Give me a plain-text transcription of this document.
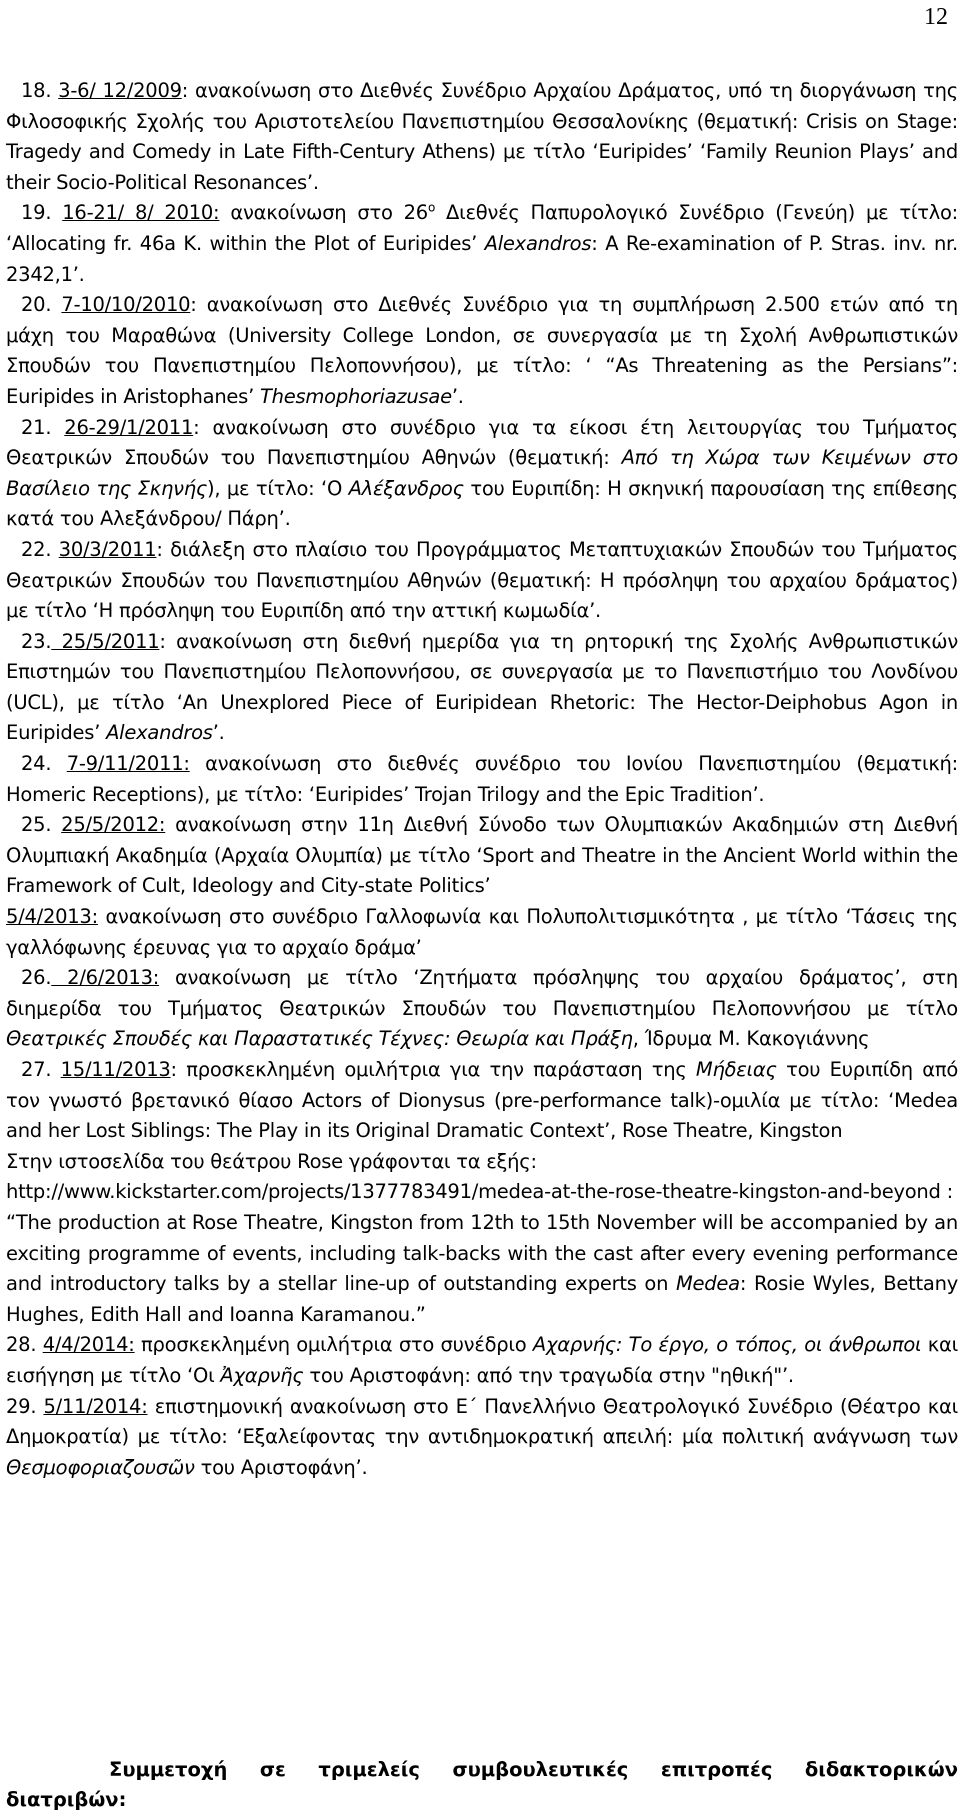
12

18. 3-6/ 12/2009: ανακοίνωση στο Διεθνές Συνέδριο Αρχαίου Δράματος, υπό τη διοργάνωση της Φιλοσοφικής Σχολής του Αριστοτελείου Πανεπιστημίου Θεσσαλονίκης (θεματική: Crisis on Stage: Tragedy and Comedy in Late Fifth-Century Athens) με τίτλο ‘Euripides’ ‘Family Reunion Plays’ and their Socio-Political Resonances’.

19. 16-21/ 8/ 2010: ανακοίνωση στο $26^o$ Διεθνές Παπυρολογικό Συνέδριο (Γενεύη) με τίτλο: ‘Allocating fr. 46a K. within the Plot of Euripides’ Alexandros: A Re-examination of P. Stras. inv. nr. 2342,1’.

20. 7-10/10/2010: ανακοίνωση στο Διεθνές Συνέδριο για τη συμπλήρωση 2.500 ετών από τη μάχη του Μαραθώνα (University College London, σε συνεργασία με τη Σχολή Ανθρωπιστικών Σπουδών του Πανεπιστημίου Πελοποννήσου), με τίτλο: ‘ “As Threatening as the Persians”: Euripides in Aristophanes’ Thesmophoriazusae’.

21. 26-29/1/2011: ανακοίνωση στο συνέδριο για τα είκοσι έτη λειτουργίας του Τμήματος Θεατρικών Σπουδών του Πανεπιστημίου Αθηνών (θεματική: Από τη Χώρα των Κειμένων στο Βασίλειο της Σκηνής), με τίτλο: ‘Ο Αλέξανδρος του Ευριπίδη: Η σκηνική παρουσίαση της επίθεσης κατά του Αλεξάνδρου/ Πάρη’.

22. 30/3/2011: διάλεξη στο πλαίσιο του Προγράμματος Μεταπτυχιακών Σπουδών του Τμήματος Θεατρικών Σπουδών του Πανεπιστημίου Αθηνών (θεματική: Η πρόσληψη του αρχαίου δράματος) με τίτλο ‘Η πρόσληψη του Ευριπίδη από την αττική κωμωδία’.

23. 25/5/2011: ανακοίνωση στη διεθνή ημερίδα για τη ρητορική της Σχολής Ανθρωπιστικών Επιστημών του Πανεπιστημίου Πελοποννήσου, σε συνεργασία με το Πανεπιστήμιο του Λονδίνου (UCL), με τίτλο ‘An Unexplored Piece of Euripidean Rhetoric: The Hector-Deiphobus Agon in Euripides’ Alexandros’.

24. 7-9/11/2011: ανακοίνωση στο διεθνές συνέδριο του Ιονίου Πανεπιστημίου (θεματική: Homeric Receptions), με τίτλο: ‘Euripides’ Trojan Trilogy and the Epic Tradition’.

25. 25/5/2012: ανακοίνωση στην 11η Διεθνή Σύνοδο των Ολυμπιακών Ακαδημιών στη Διεθνή Ολυμπιακή Ακαδημία (Αρχαία Ολυμπία) με τίτλο ‘Sport and Theatre in the Ancient World within the Framework of Cult, Ideology and City-state Politics’

5/4/2013: ανακοίνωση στο συνέδριο Γαλλοφωνία και Πολυπολιτισμικότητα , με τίτλο ‘Τάσεις της γαλλόφωνης έρευνας για το αρχαίο δράμα’

26. 2/6/2013: ανακοίνωση με τίτλο ‘Ζητήματα πρόσληψης του αρχαίου δράματος’, στη διημερίδα του Τμήματος Θεατρικών Σπουδών του Πανεπιστημίου Πελοποννήσου με τίτλο Θεατρικές Σπουδές και Παραστατικές Τέχνες: Θεωρία και Πράξη, Ίδρυμα Μ. Κακογιάννης

27. 15/11/2013: προσκεκλημένη ομιλήτρια για την παράσταση της Μήδειας του Ευριπίδη από τον γνωστό βρετανικό θίασο Actors of Dionysus (pre-performance talk)-ομιλία με τίτλο: ‘Medea and her Lost Siblings: The Play in its Original Dramatic Context’, Rose Theatre, Kingston

Στην ιστοσελίδα του θεάτρου Rose γράφονται τα εξής:

http://www.kickstarter.com/projects/1377783491/medea-at-the-rose-theatre-kingston-and-beyond :

“The production at Rose Theatre, Kingston from 12th to 15th November will be accompanied by an exciting programme of events, including talk-backs with the cast after every evening performance and introductory talks by a stellar line-up of outstanding experts on Medea: Rosie Wyles, Bettany Hughes, Edith Hall and Ioanna Karamanou.”

28. 4/4/2014: προσκεκλημένη ομιλήτρια στο συνέδριο Αχαρνής: Το έργο, ο τόπος, οι άνθρωποι και εισήγηση με τίτλο ‘Οι Ἀχαρνῆς του Αριστοφάνη: από την τραγωδία στην "ηθική"’.

29. 5/11/2014: επιστημονική ανακοίνωση στο Ε΄ Πανελλήνιο Θεατρολογικό Συνέδριο (Θέατρο και Δημοκρατία) με τίτλο: ‘Εξαλείφοντας την αντιδημοκρατική απειλή: μία πολιτική ανάγνωση των Θεσμοφοριαζουσῶν του Αριστοφάνη’.

Συμμετοχή σε τριμελείς συμβουλευτικές επιτροπές διδακτορικών
διατριβών:
